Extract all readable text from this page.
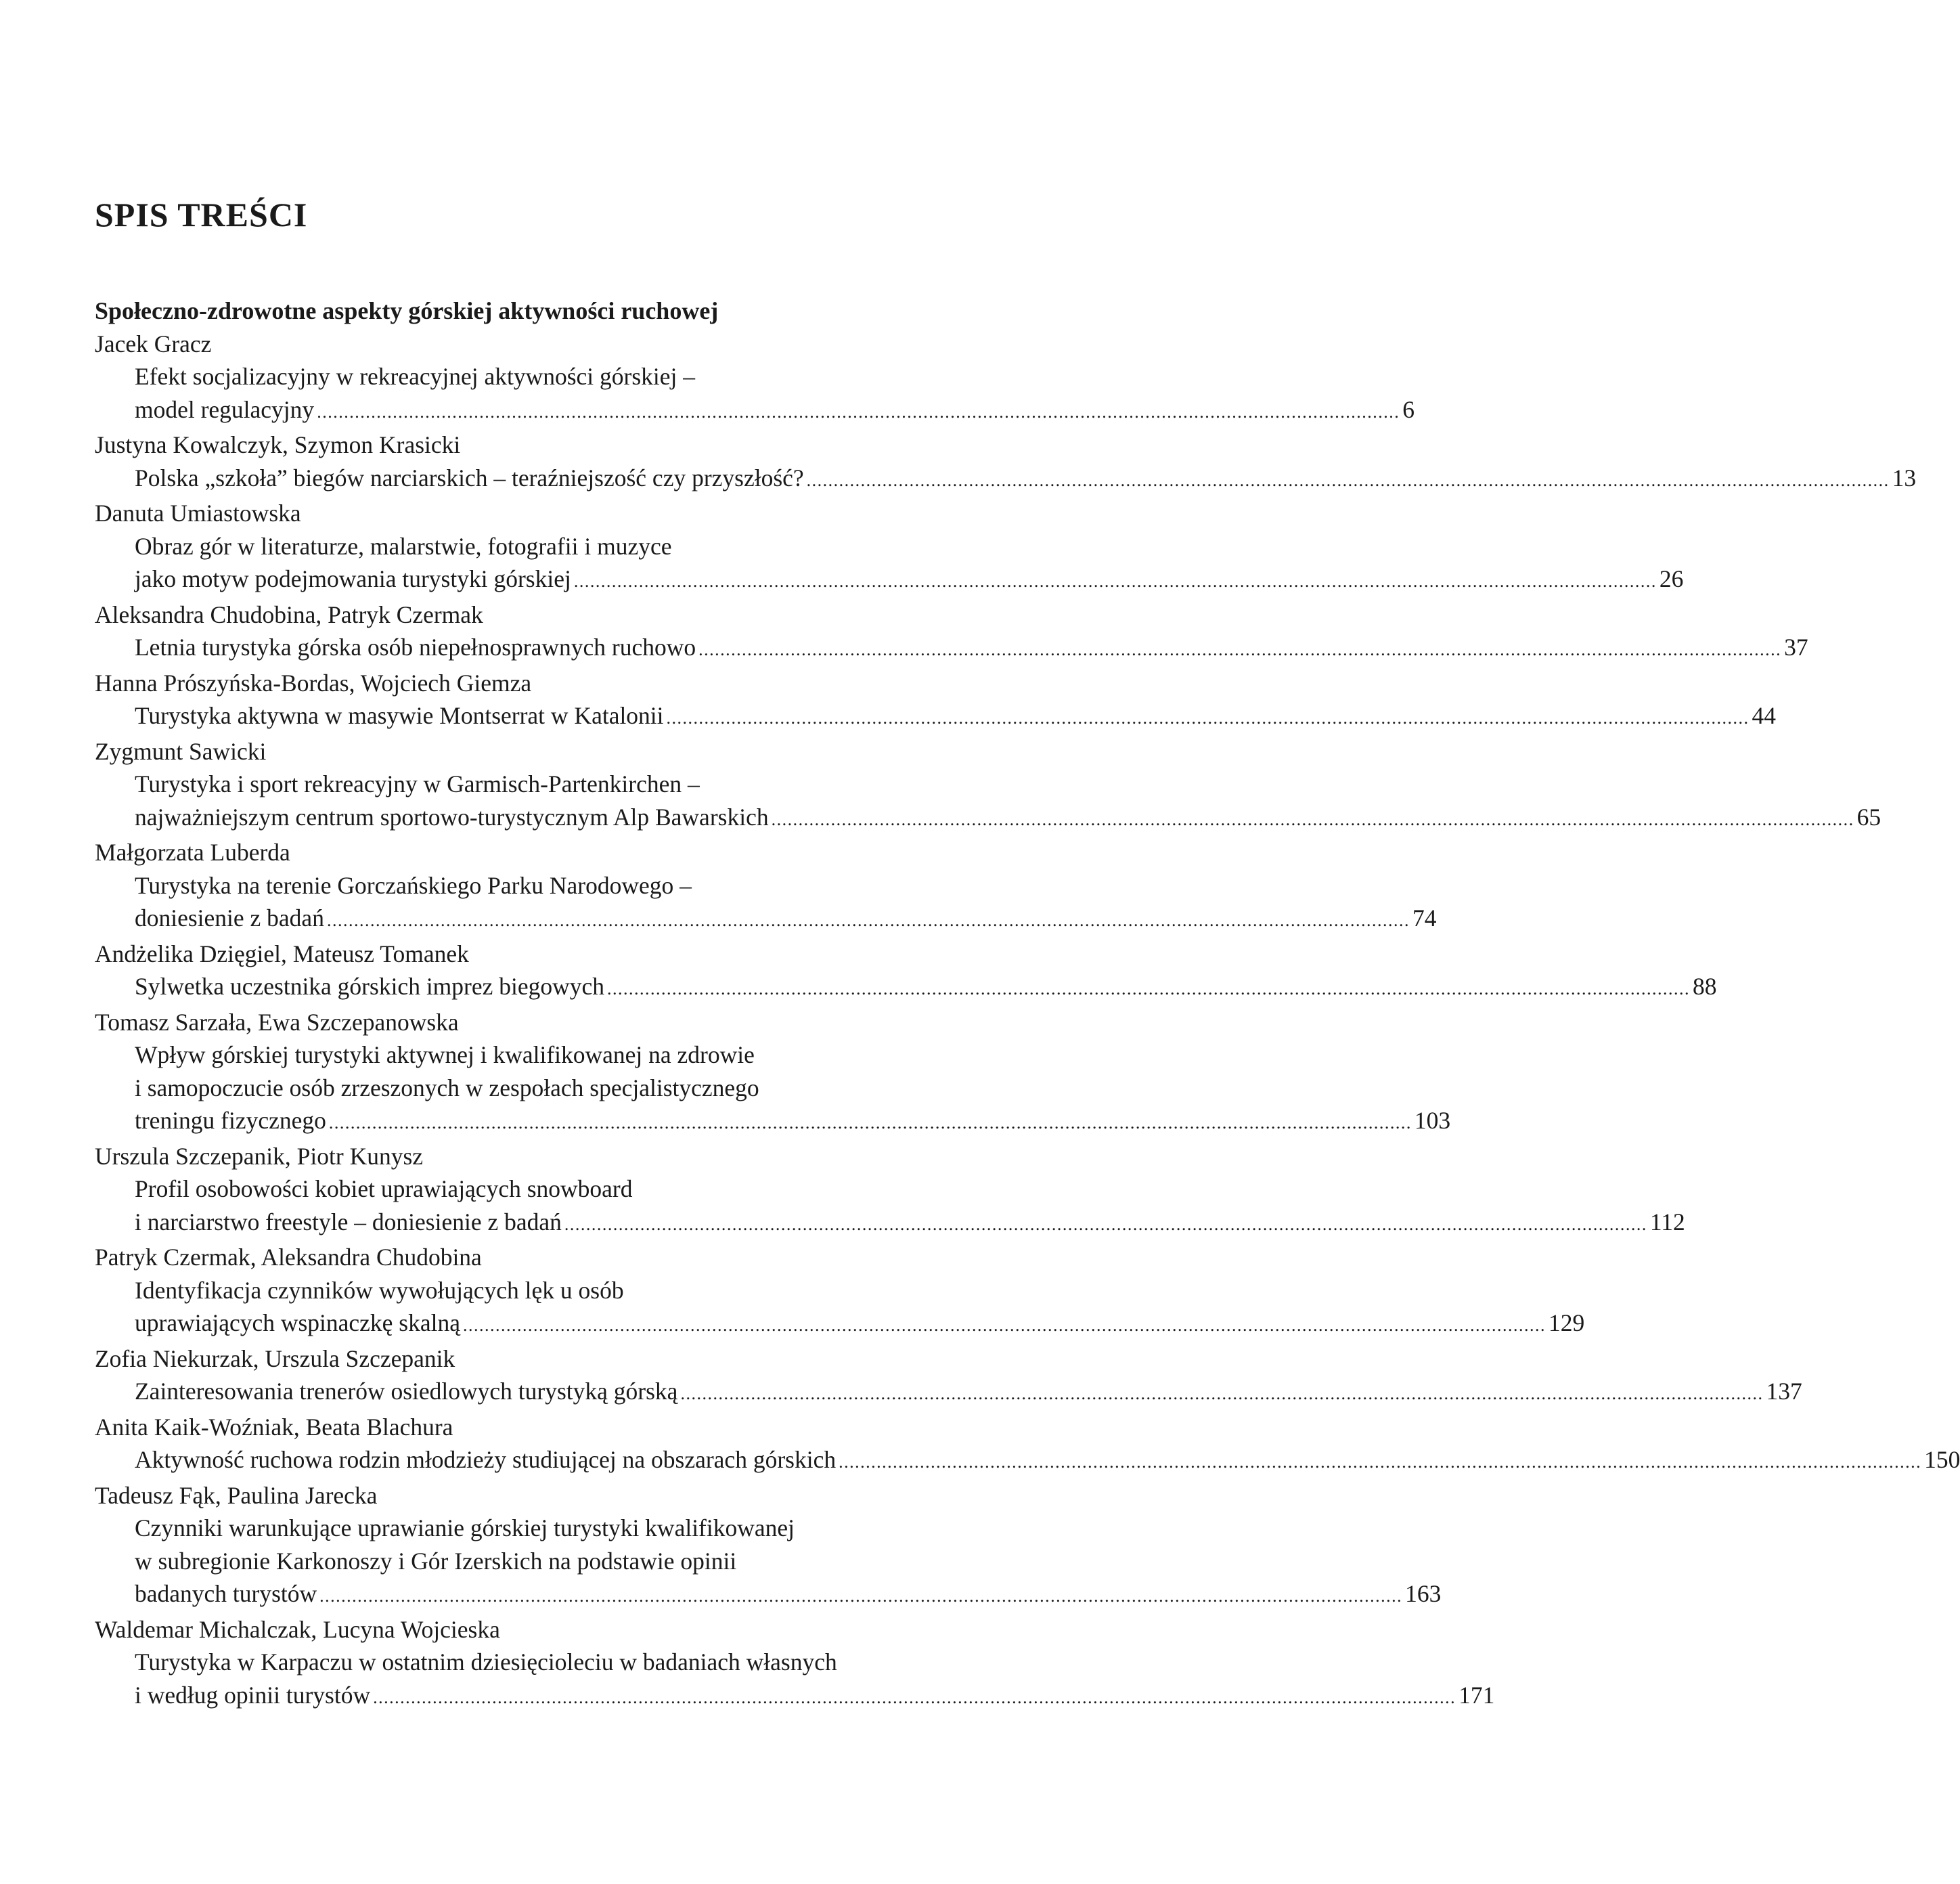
SPIS TREŚCI
Społeczno-zdrowotne aspekty górskiej aktywności ruchowej
Jacek Gracz
Efekt socjalizacyjny w rekreacyjnej aktywności górskiej –
model regulacyjny ........................................................................................................................................................................................................ 6
Justyna Kowalczyk, Szymon Krasicki
Polska „szkoła” biegów narciarskich – teraźniejszość czy przyszłość? ........................................................................................................................................................................................................ 13
Danuta Umiastowska
Obraz gór w literaturze, malarstwie, fotografii i muzyce
jako motyw podejmowania turystyki górskiej ........................................................................................................................................................................................................ 26
Aleksandra Chudobina, Patryk Czermak
Letnia turystyka górska osób niepełnosprawnych ruchowo ........................................................................................................................................................................................................ 37
Hanna Prószyńska-Bordas, Wojciech Giemza
Turystyka aktywna w masywie Montserrat w Katalonii ........................................................................................................................................................................................................ 44
Zygmunt Sawicki
Turystyka i sport rekreacyjny w Garmisch-Partenkirchen –
najważniejszym centrum sportowo-turystycznym Alp Bawarskich ........................................................................................................................................................................................................ 65
Małgorzata Luberda
Turystyka na terenie Gorczańskiego Parku Narodowego –
doniesienie z badań ........................................................................................................................................................................................................ 74
Andżelika Dzięgiel, Mateusz Tomanek
Sylwetka uczestnika górskich imprez biegowych ........................................................................................................................................................................................................ 88
Tomasz Sarzała, Ewa Szczepanowska
Wpływ górskiej turystyki aktywnej i kwalifikowanej na zdrowie
i samopoczucie osób zrzeszonych w zespołach specjalistycznego
treningu fizycznego ........................................................................................................................................................................................................ 103
Urszula Szczepanik, Piotr Kunysz
Profil osobowości kobiet uprawiających snowboard
i narciarstwo freestyle – doniesienie z badań ........................................................................................................................................................................................................ 112
Patryk Czermak, Aleksandra Chudobina
Identyfikacja czynników wywołujących lęk u osób
uprawiających wspinaczkę skalną ........................................................................................................................................................................................................ 129
Zofia Niekurzak, Urszula Szczepanik
Zainteresowania trenerów osiedlowych turystyką górską ........................................................................................................................................................................................................ 137
Anita Kaik-Woźniak, Beata Blachura
Aktywność ruchowa rodzin młodzieży studiującej na obszarach górskich ........................................................................................................................................................................................................ 150
Tadeusz Fąk, Paulina Jarecka
Czynniki warunkujące uprawianie górskiej turystyki kwalifikowanej
w subregionie Karkonoszy i Gór Izerskich na podstawie opinii
badanych turystów ........................................................................................................................................................................................................ 163
Waldemar Michalczak, Lucyna Wojcieska
Turystyka w Karpaczu w ostatnim dziesięcioleciu w badaniach własnych
i według opinii turystów ........................................................................................................................................................................................................ 171
